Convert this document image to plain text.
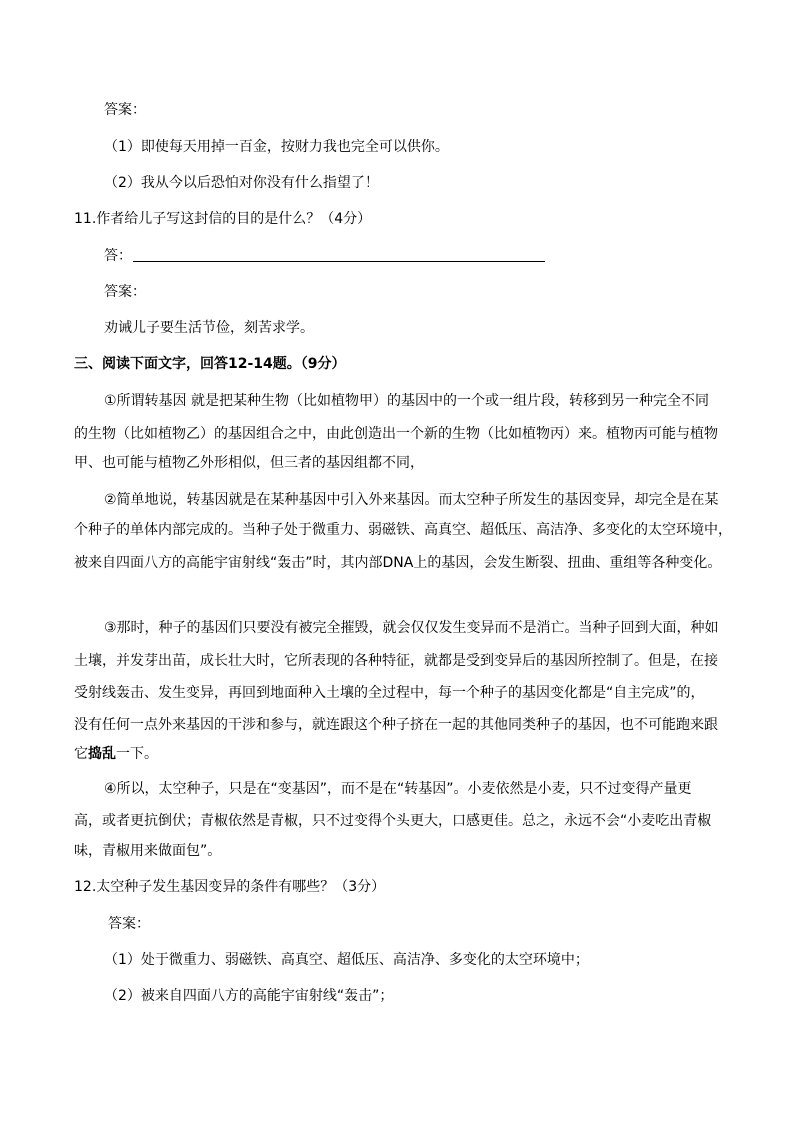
答案：
（1）即使每天用掉一百金，按财力我也完全可以供你。
（2）我从今以后恐怕对你没有什么指望了！
11.作者给儿子写这封信的目的是什么？（4分）
答：
答案：
劝诫儿子要生活节俭，刻苦求学。
三、阅读下面文字，回答12-14题。（9分）
①所谓转基因 就是把某种生物（比如植物甲）的基因中的一个或一组片段，转移到另一种完全不同
的生物（比如植物乙）的基因组合之中，由此创造出一个新的生物（比如植物丙）来。植物丙可能与植物
甲、也可能与植物乙外形相似，但三者的基因组都不同，
②简单地说，转基因就是在某种基因中引入外来基因。而太空种子所发生的基因变异，却完全是在某
个种子的单体内部完成的。当种子处于微重力、弱磁铁、高真空、超低压、高洁净、多变化的太空环境中，
被来自四面八方的高能宇宙射线“轰击”时，其内部DNA上的基因，会发生断裂、扭曲、重组等各种变化。
③那时，种子的基因们只要没有被完全摧毁，就会仅仅发生变异而不是消亡。当种子回到大面，种如
土壤，并发芽出苗，成长壮大时，它所表现的各种特征，就都是受到变异后的基因所控制了。但是，在接
受射线轰击、发生变异，再回到地面种入土壤的全过程中，每一个种子的基因变化都是“自主完成”的，
没有任何一点外来基因的干涉和参与，就连跟这个种子挤在一起的其他同类种子的基因，也不可能跑来跟
它捣乱一下。
④所以，太空种子，只是在“变基因”，而不是在“转基因”。小麦依然是小麦，只不过变得产量更
高，或者更抗倒伏；青椒依然是青椒，只不过变得个头更大，口感更佳。总之，永远不会“小麦吃出青椒
味，青椒用来做面包”。
12.太空种子发生基因变异的条件有哪些？（3分）
答案：
（1）处于微重力、弱磁铁、高真空、超低压、高洁净、多变化的太空环境中；
（2）被来自四面八方的高能宇宙射线“轰击”；
